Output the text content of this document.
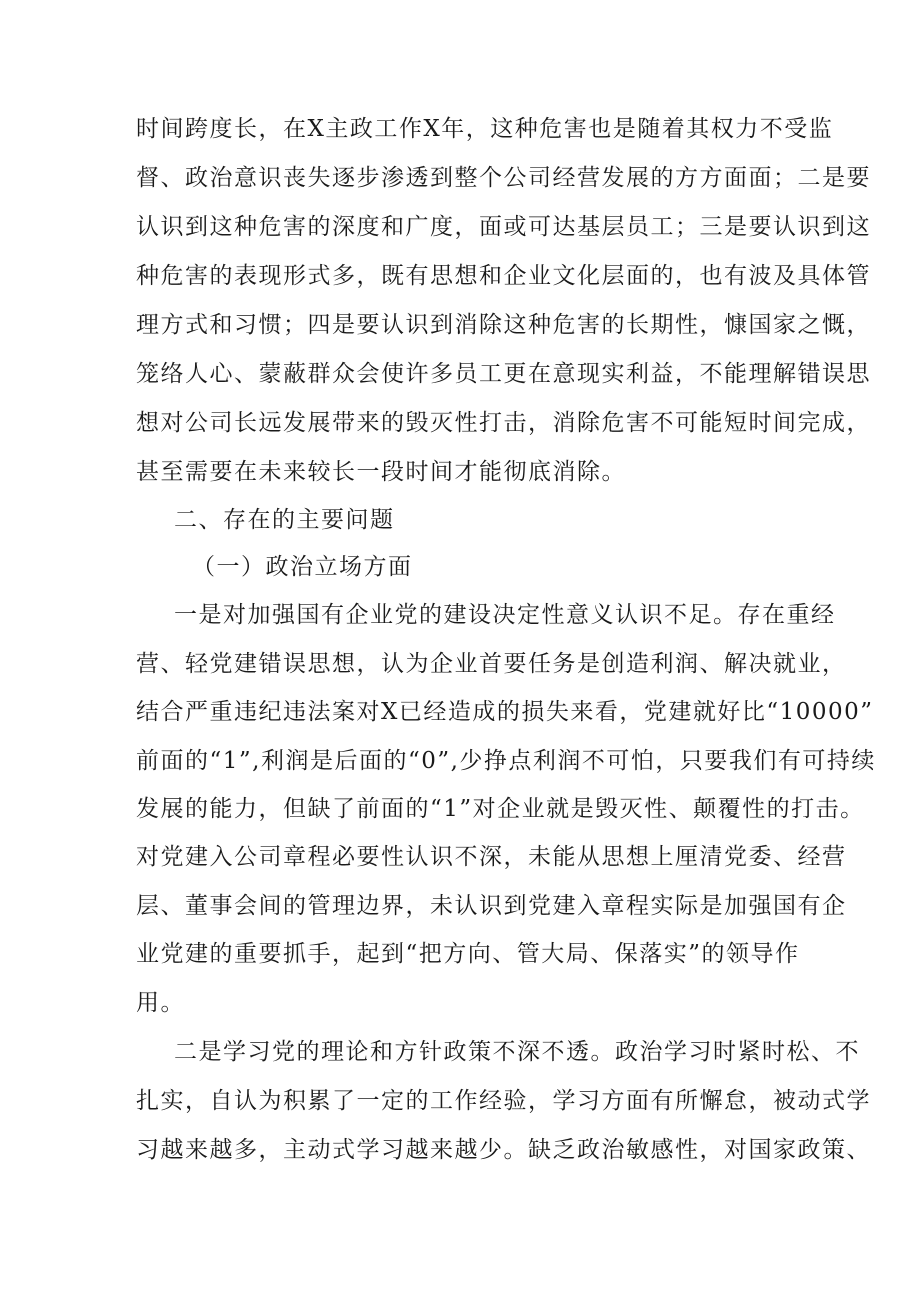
时间跨度长，在X主政工作X年，这种危害也是随着其权力不受监
督、政治意识丧失逐步渗透到整个公司经营发展的方方面面；二是要
认识到这种危害的深度和广度，面或可达基层员工；三是要认识到这
种危害的表现形式多，既有思想和企业文化层面的，也有波及具体管
理方式和习惯；四是要认识到消除这种危害的长期性，慷国家之慨，
笼络人心、蒙蔽群众会使许多员工更在意现实利益，不能理解错误思
想对公司长远发展带来的毁灭性打击，消除危害不可能短时间完成，
甚至需要在未来较长一段时间才能彻底消除。
二、存在的主要问题
（一）政治立场方面
一是对加强国有企业党的建设决定性意义认识不足。存在重经
营、轻党建错误思想，认为企业首要任务是创造利润、解决就业，
结合严重违纪违法案对X已经造成的损失来看，党建就好比“10000”
前面的“1”,利润是后面的“0”,少挣点利润不可怕，只要我们有可持续
发展的能力，但缺了前面的“1”对企业就是毁灭性、颠覆性的打击。
对党建入公司章程必要性认识不深，未能从思想上厘清党委、经营
层、董事会间的管理边界，未认识到党建入章程实际是加强国有企
业党建的重要抓手，起到“把方向、管大局、保落实”的领导作
用。
二是学习党的理论和方针政策不深不透。政治学习时紧时松、不
扎实，自认为积累了一定的工作经验，学习方面有所懈怠，被动式学
习越来越多，主动式学习越来越少。缺乏政治敏感性，对国家政策、
